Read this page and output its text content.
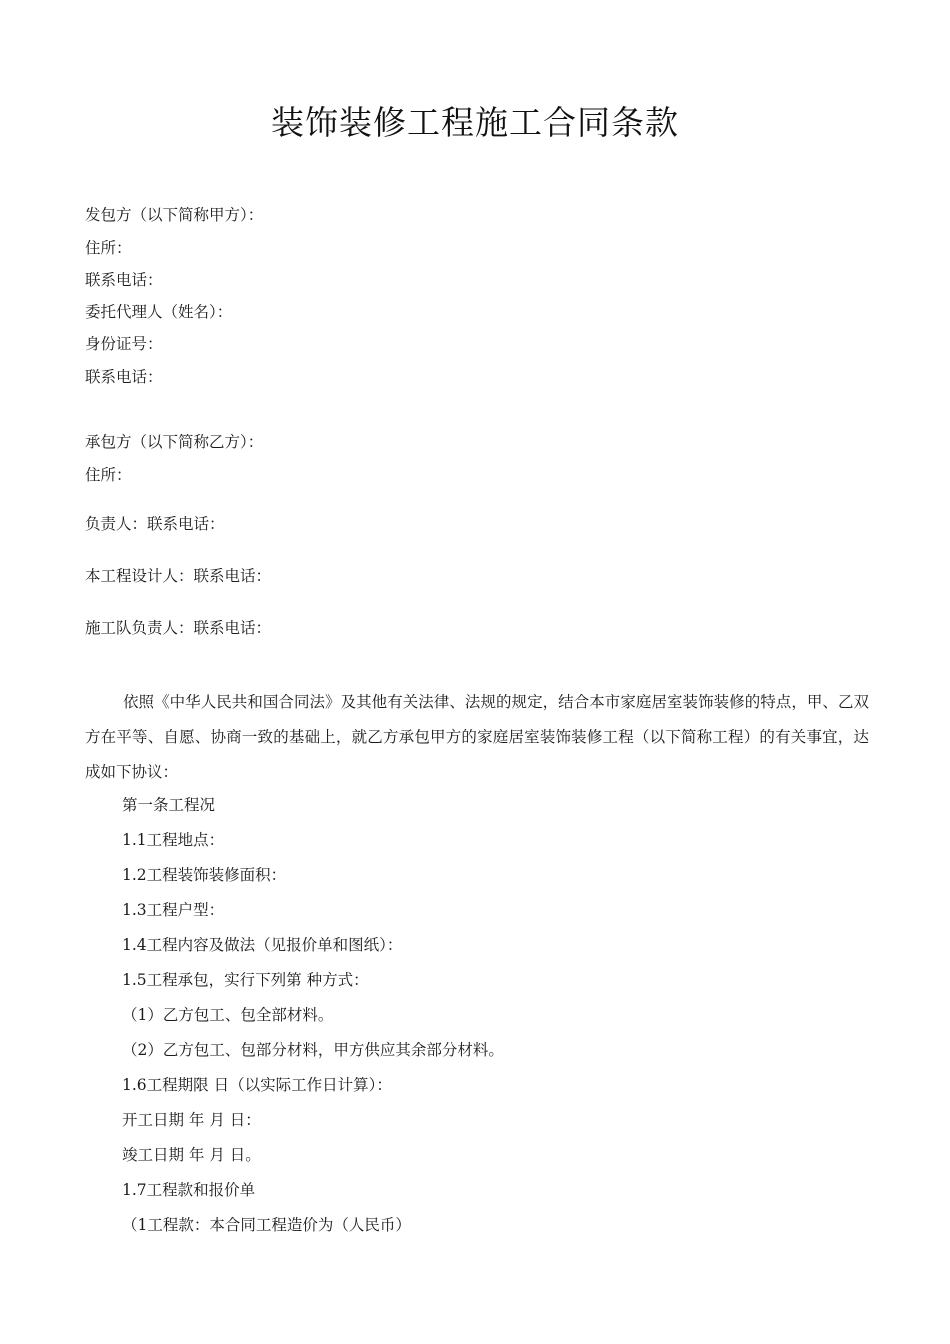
装饰装修工程施工合同条款
发包方（以下简称甲方）：
住所：
联系电话：
委托代理人（姓名）：
身份证号：
联系电话：
承包方（以下简称乙方）：
住所：
负责人：联系电话：
本工程设计人：联系电话：
施工队负责人：联系电话：
依照《中华人民共和国合同法》及其他有关法律、法规的规定，结合本市家庭居室装饰装修的特点，甲、乙双方在平等、自愿、协商一致的基础上，就乙方承包甲方的家庭居室装饰装修工程（以下简称工程）的有关事宜，达成如下协议：
第一条工程况
1.1工程地点：
1.2工程装饰装修面积：
1.3工程户型：
1.4工程内容及做法（见报价单和图纸）：
1.5工程承包，实行下列第 种方式：
（1）乙方包工、包全部材料。
（2）乙方包工、包部分材料，甲方供应其余部分材料。
1.6工程期限 日（以实际工作日计算）：
开工日期 年 月 日：
竣工日期 年 月 日。
1.7工程款和报价单
（1工程款：本合同工程造价为（人民币）
